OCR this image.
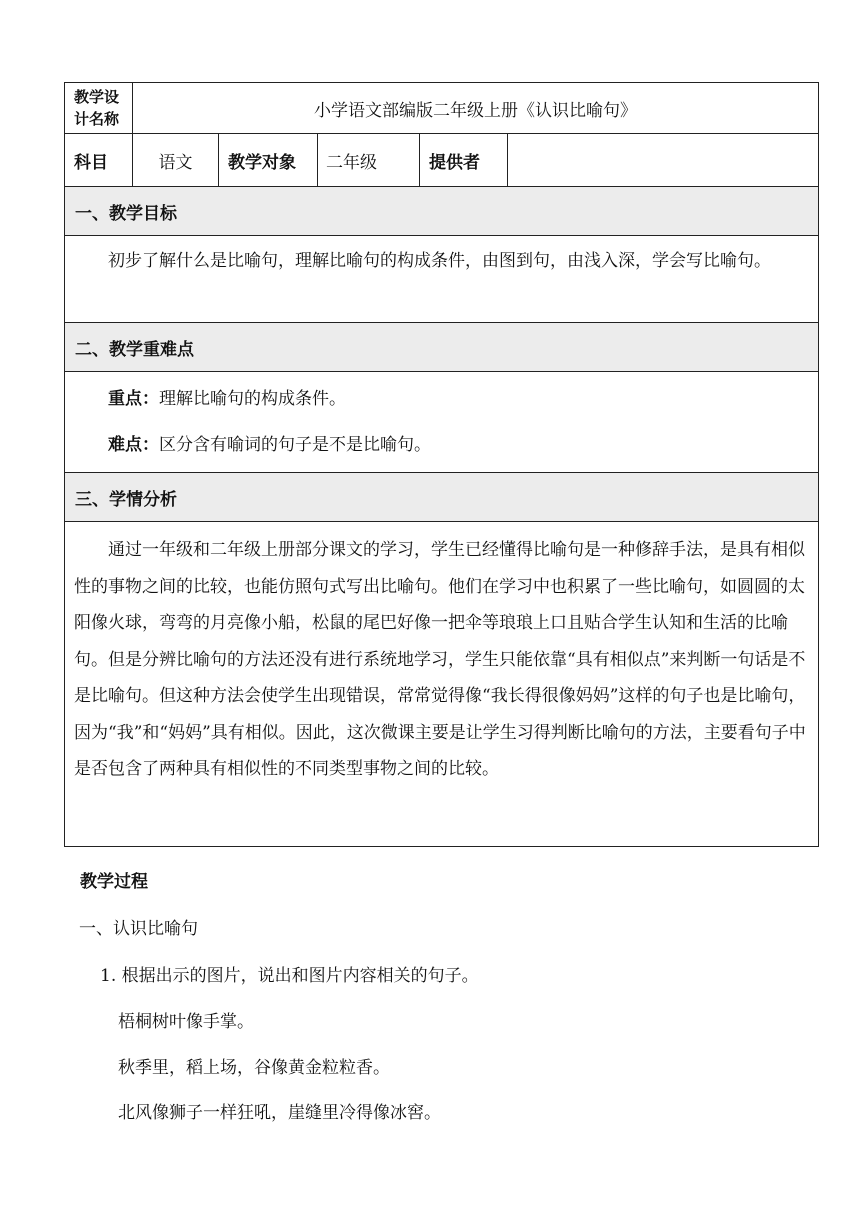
教学设
计名称	小学语文部编版二年级上册《认识比喻句》				
科目	语文	教学对象	二年级	提供者	
一、教学目标					

初步了解什么是比喻句，理解比喻句的构成条件，由图到句，由浅入深，学会写比喻句。					

二、教学重难点					

重点：理解比喻句的构成条件。

难点：区分含有喻词的句子是不是比喻句。					

三、学情分析					

通过一年级和二年级上册部分课文的学习，学生已经懂得比喻句是一种修辞手法，是具有相似性的事物之间的比较，也能仿照句式写出比喻句。他们在学习中也积累了一些比喻句，如圆圆的太阳像火球，弯弯的月亮像小船，松鼠的尾巴好像一把伞等琅琅上口且贴合学生认知和生活的比喻句。但是分辨比喻句的方法还没有进行系统地学习，学生只能依靠“具有相似点”来判断一句话是不是比喻句。但这种方法会使学生出现错误，常常觉得像“我长得很像妈妈”这样的句子也是比喻句，因为“我”和“妈妈”具有相似。因此，这次微课主要是让学生习得判断比喻句的方法，主要看句子中是否包含了两种具有相似性的不同类型事物之间的比较。					

教学过程
一、认识比喻句
1. 根据出示的图片，说出和图片内容相关的句子。
梧桐树叶像手掌。
秋季里，稻上场，谷像黄金粒粒香。
北风像狮子一样狂吼，崖缝里冷得像冰窖。
